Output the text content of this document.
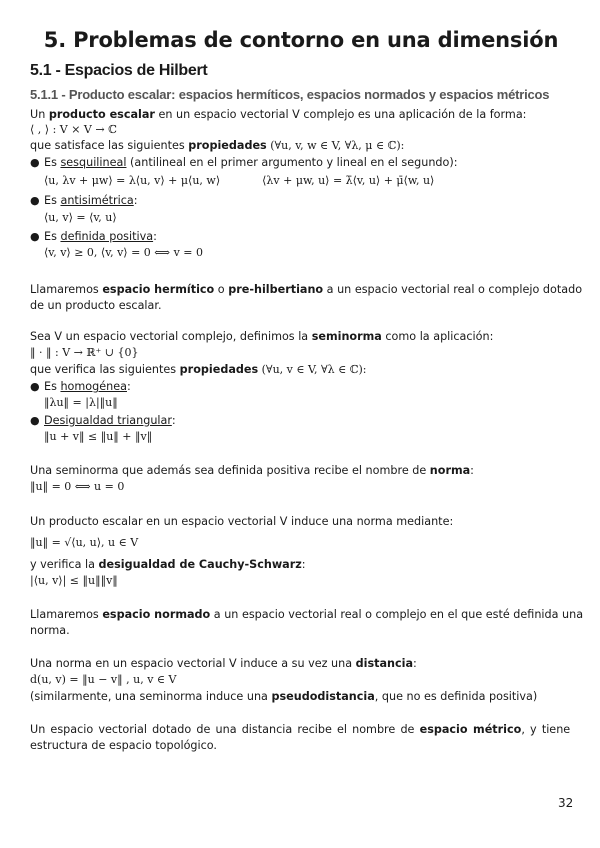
5. Problemas de contorno en una dimensión
5.1 - Espacios de Hilbert
5.1.1 - Producto escalar: espacios hermíticos, espacios normados y espacios métricos

Un producto escalar en un espacio vectorial V complejo es una aplicación de la forma:

⟨ , ⟩ : V × V → ℂ

que satisface las siguientes propiedades (∀u, v, w ∈ V, ∀λ, μ ∈ ℂ):

● Es sesquilineal (antilineal en el primer argumento y lineal en el segundo):

⟨u, λv + μw⟩ = λ⟨u, v⟩ + μ⟨u, w⟩	⟨λv + μw, u⟩ = λ̄⟨v, u⟩ + μ̄⟨w, u⟩
● Es antisimétrica:

⟨u, v⟩ = ⟨v, u⟩
● Es definida positiva:

⟨v, v⟩ ≥ 0, ⟨v, v⟩ = 0 ⟺ v = 0

Llamaremos espacio hermítico o pre-hilbertiano a un espacio vectorial real o complejo dotado

de un producto escalar.

Sea V un espacio vectorial complejo, definimos la seminorma como la aplicación:

‖ · ‖ : V → ℝ⁺ ∪ {0}

que verifica las siguientes propiedades (∀u, v ∈ V, ∀λ ∈ ℂ):

● Es homogénea:

‖λu‖ = |λ|‖u‖
● Desigualdad triangular:

‖u + v‖ ≤ ‖u‖ + ‖v‖

Una seminorma que además sea definida positiva recibe el nombre de norma:

‖u‖ = 0 ⟺ u = 0

Un producto escalar en un espacio vectorial V induce una norma mediante:

‖u‖ = √⟨u, u⟩, u ∈ V

y verifica la desigualdad de Cauchy-Schwarz:

|⟨u, v⟩| ≤ ‖u‖‖v‖

Llamaremos espacio normado a un espacio vectorial real o complejo en el que esté definida una

norma.

Una norma en un espacio vectorial V induce a su vez una distancia:

d(u, v) = ‖u − v‖ , u, v ∈ V

(similarmente, una seminorma induce una pseudodistancia, que no es definida positiva)

Un espacio vectorial dotado de una distancia recibe el nombre de espacio métrico, y tiene

estructura de espacio topológico.

32
